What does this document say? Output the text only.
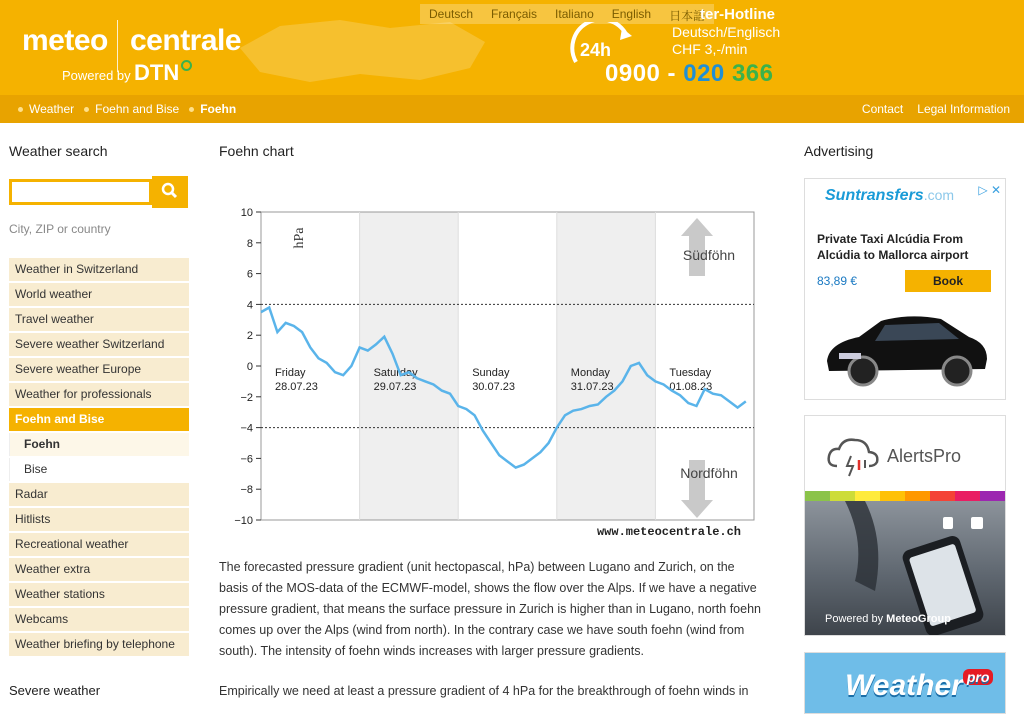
meteo centrale
Powered by DTN
Deutsch	Français	Italiano	English	日本語
24h
ter-Hotline
Deutsch/Englisch
CHF 3,-/min
0900 - 020 366
Weather Foehn and Bise Foehn	Contact Legal Information
Weather search
City, ZIP or country
Weather in Switzerland
World weather
Travel weather
Severe weather Switzerland
Severe weather Europe
Weather for professionals
Foehn and Bise
Foehn
Bise
Radar
Hitlists
Recreational weather
Weather extra
Weather stations
Webcams
Weather briefing by telephone
Severe weather
Foehn chart
10
8
6
4
2
0
−2
−4
−6
−8
−10
Friday
28.07.23
Saturday
29.07.23
Sunday
30.07.23
Monday
31.07.23
Tuesday
01.08.23
Südföhn
Nordföhn
hPa
www.meteocentrale.ch
The forecasted pressure gradient (unit hectopascal, hPa) between Lugano and Zurich, on the basis of the MOS-data of the ECMWF-model, shows the flow over the Alps. If we have a negative pressure gradient, that means the surface pressure in Zurich is higher than in Lugano, north foehn comes up over the Alps (wind from north). In the contrary case we have south foehn (wind from south). The intensity of foehn winds increases with larger pressure gradients.
Empirically we need at least a pressure gradient of 4 hPa for the breakthrough of foehn winds in
Advertising
Suntransfers.com ▷ ✕
Private Taxi Alcúdia From Alcúdia to Mallorca airport
83,89 €	Book
AlertsPro
Powered by MeteoGroup
Weather $^{pro}$
